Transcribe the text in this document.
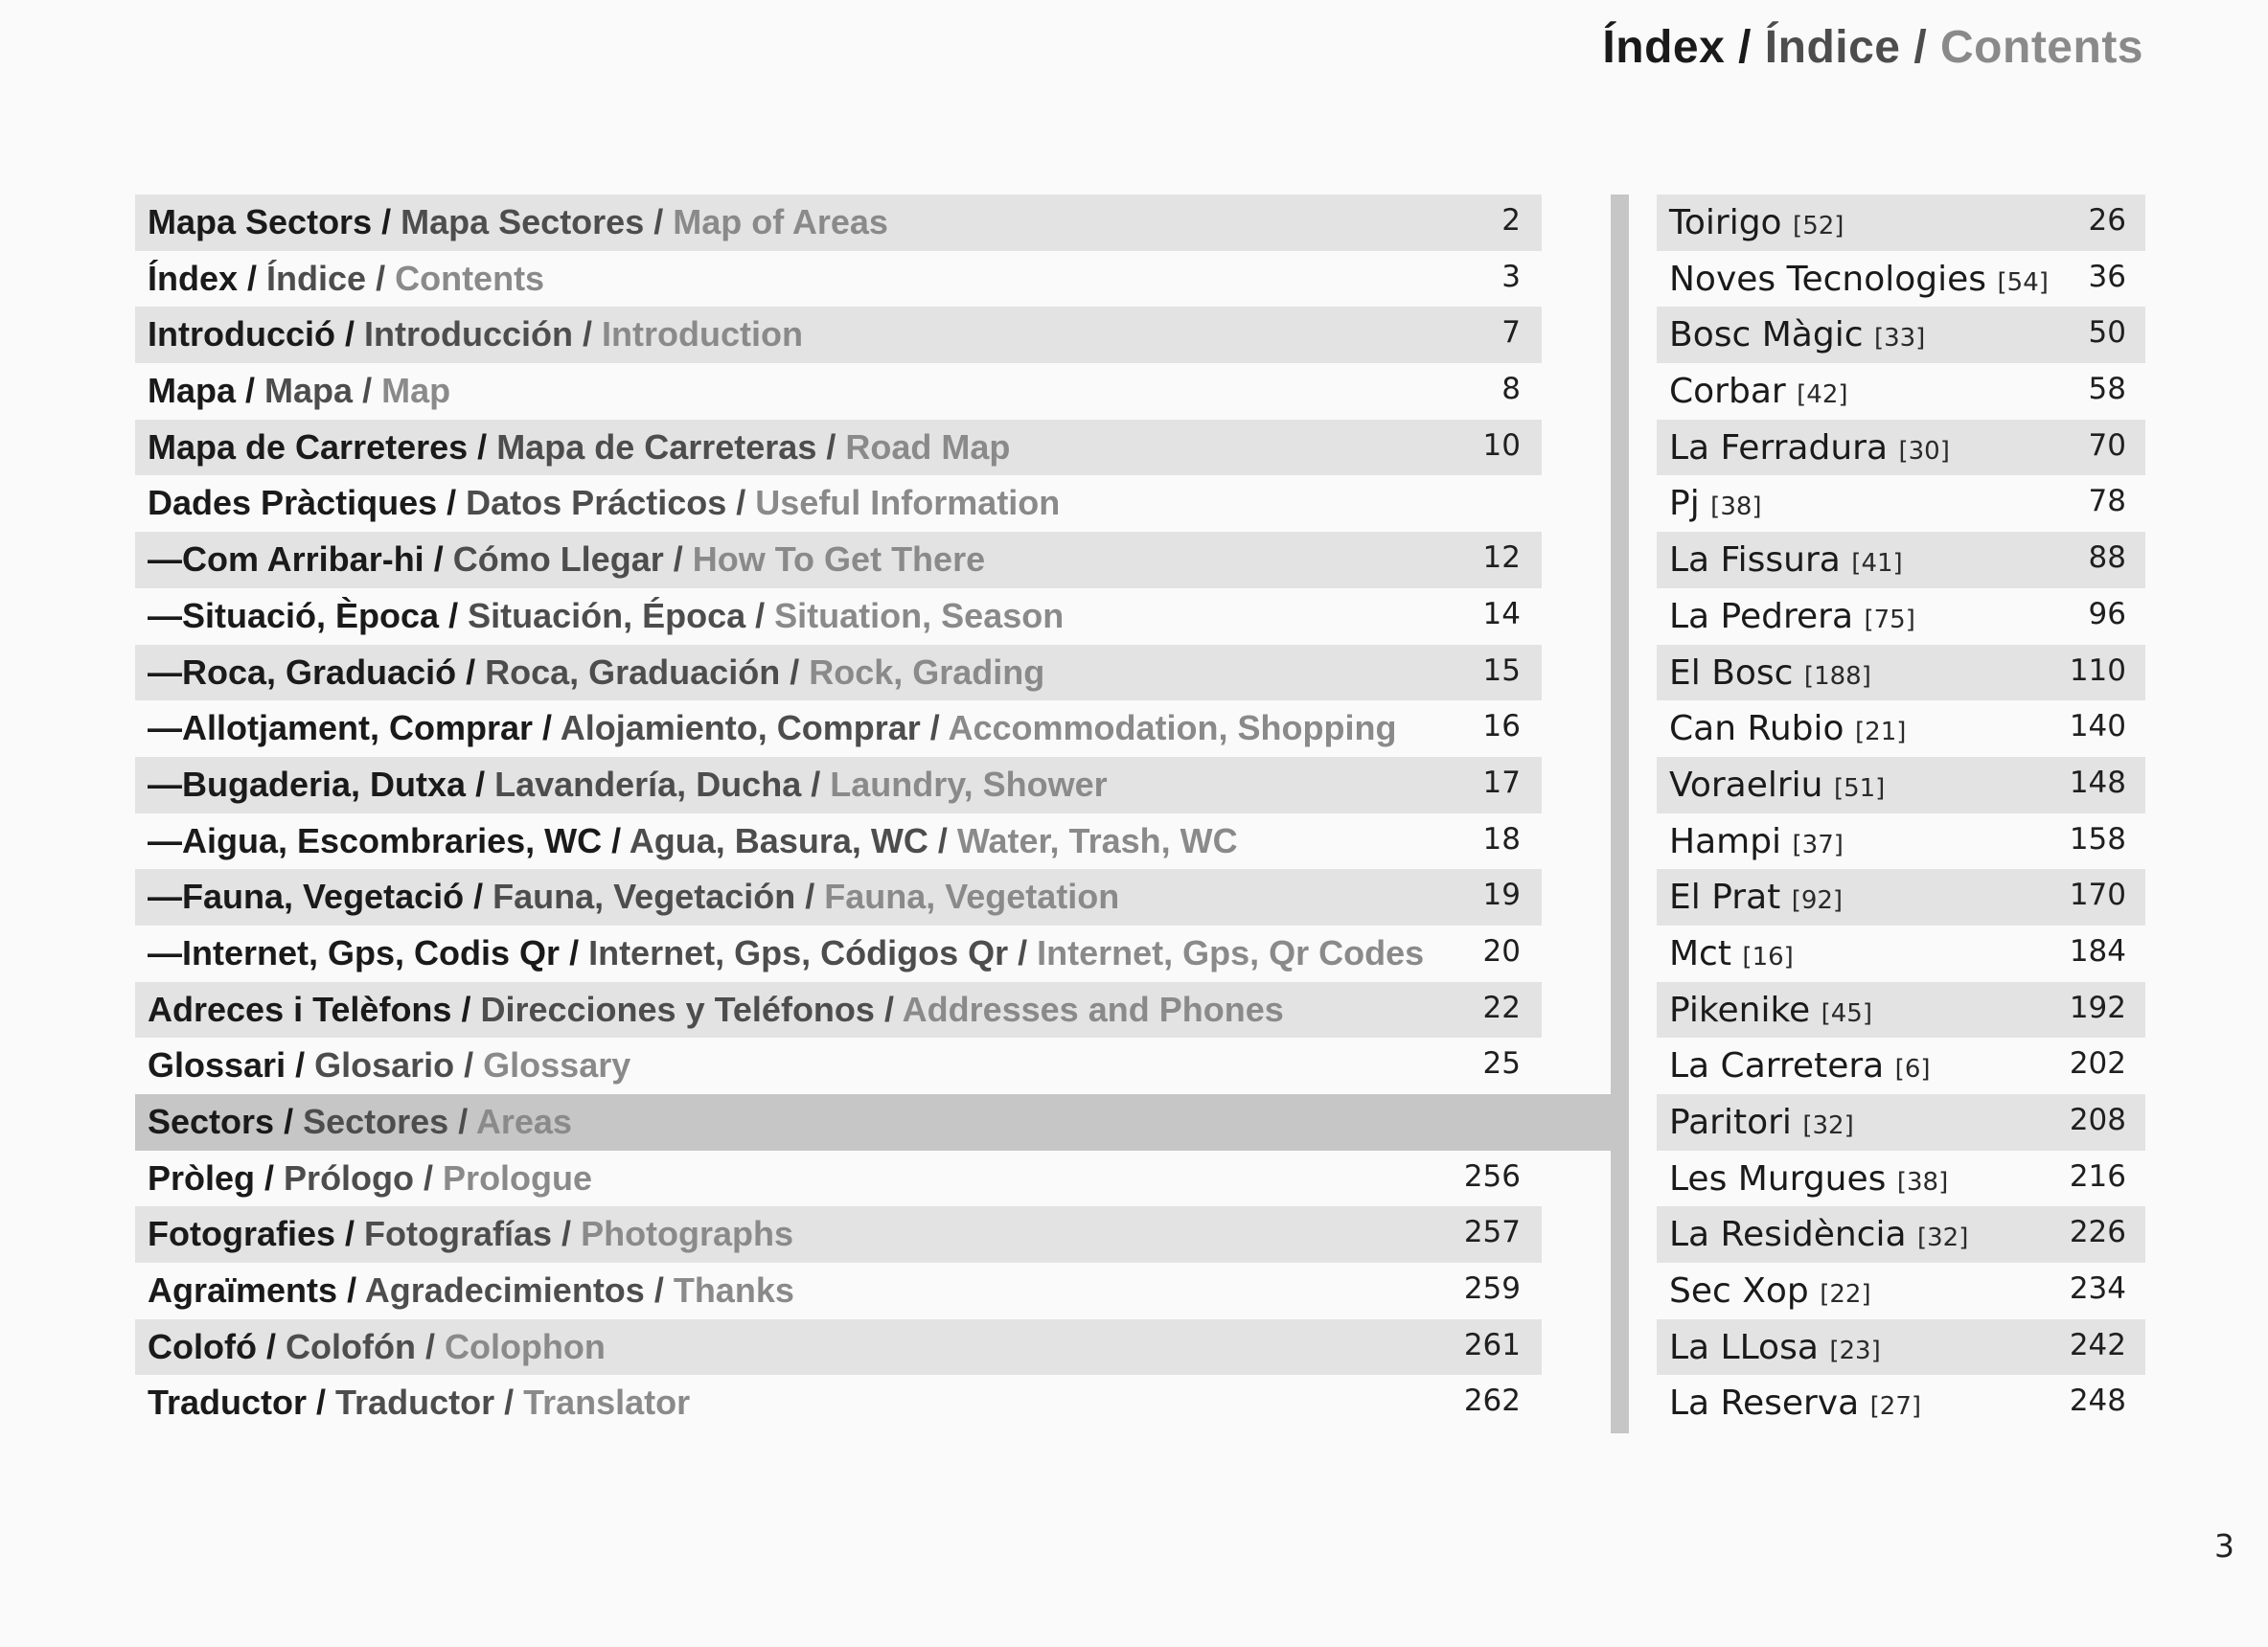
Índex / Índice / Contents
Mapa Sectors / Mapa Sectores / Map of Areas	2
Índex / Índice / Contents	3
Introducció / Introducción / Introduction	7
Mapa / Mapa / Map	8
Mapa de Carreteres / Mapa de Carreteras / Road Map	10
Dades Pràctiques / Datos Prácticos / Useful Information
—Com Arribar-hi / Cómo Llegar / How To Get There	12
—Situació, Època / Situación, Época / Situation, Season	14
—Roca, Graduació / Roca, Graduación / Rock, Grading	15
—Allotjament, Comprar / Alojamiento, Comprar / Accommodation, Shopping	16
—Bugaderia, Dutxa / Lavandería, Ducha / Laundry, Shower	17
—Aigua, Escombraries, WC / Agua, Basura, WC / Water, Trash, WC	18
—Fauna, Vegetació / Fauna, Vegetación / Fauna, Vegetation	19
—Internet, Gps, Codis Qr / Internet, Gps, Códigos Qr / Internet, Gps, Qr Codes 20
Adreces i Telèfons / Direcciones y Teléfonos / Addresses and Phones	22
Glossari / Glosario / Glossary	25
Sectors / Sectores / Areas
Pròleg / Prólogo / Prologue	256
Fotografies / Fotografías / Photographs	257
Agraïments / Agradecimientos / Thanks	259
Colofó / Colofón / Colophon	261
Traductor / Traductor / Translator	262
Toirigo [52]	26
Noves Tecnologies [54] 36
Bosc Màgic [33]	50
Corbar [42]	58
La Ferradura [30]	70
Pj [38]	78
La Fissura [41]	88
La Pedrera [75]	96
El Bosc [188]	110
Can Rubio [21]	140
Voraelriu [51]	148
Hampi [37]	158
El Prat [92]	170
Mct [16]	184
Pikenike [45]	192
La Carretera [6]	202
Paritori [32]	208
Les Murgues [38]	216
La Residència [32]	226
Sec Xop [22]	234
La LLosa [23]	242
La Reserva [27]	248
3
